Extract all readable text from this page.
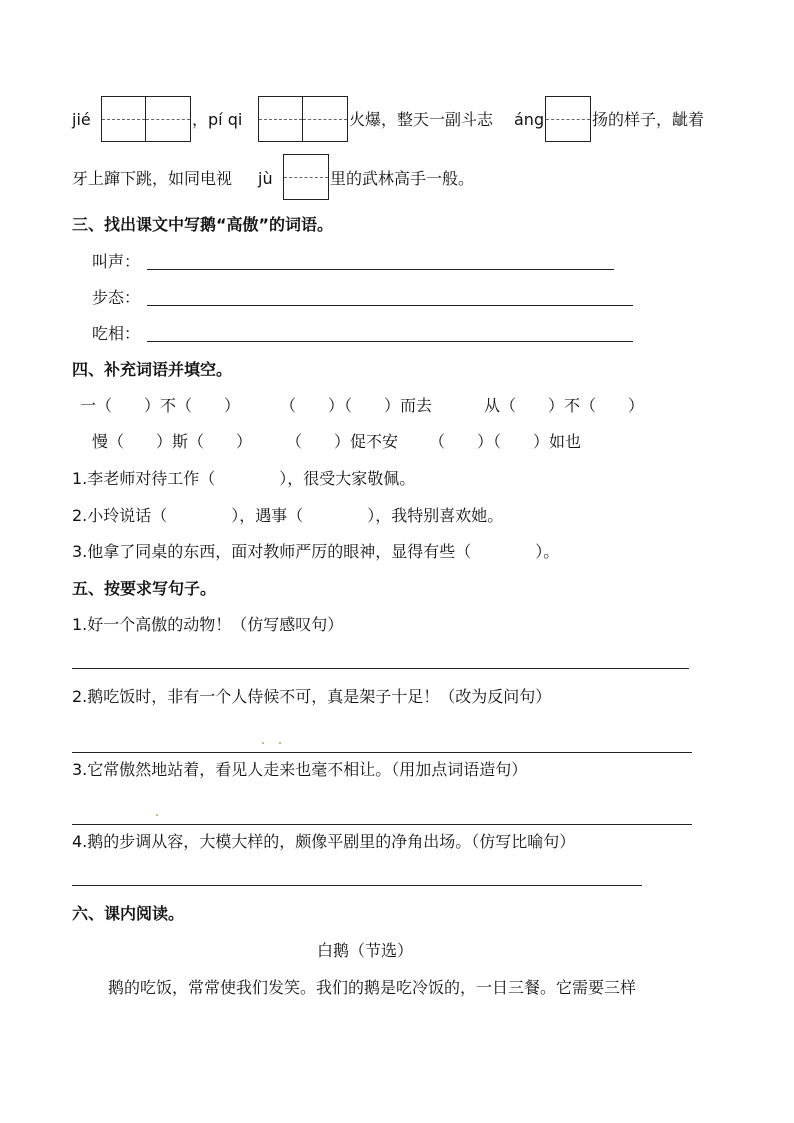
jié	，pí qi	火爆，整天一副斗志 áng	扬的样子，龇着
牙上蹿下跳，如同电视 jù	里的武林高手一般。
三、找出课文中写鹅“高傲”的词语。
叫声：
步态：
吃相：
四、补充词语并填空。
一（　　）不（　　） （　　）（　　）而去	从（　　）不（　　）
慢（　　）斯（　　） （　　）促不安 （　　）（　　）如也
1.李老师对待工作（　　　　），很受大家敬佩。
2.小玲说话（　　　　），遇事（　　　　），我特别喜欢她。
3.他拿了同桌的东西，面对教师严厉的眼神，显得有些（　　　　）。
五、按要求写句子。
1.好一个高傲的动物！（仿写感叹句）
2.鹅吃饭时，非有一个人侍候不可，真是架子十足！（改为反问句）
3.它常傲然地站着，看见人走来也毫不相让。（用加点词语造句）
4.鹅的步调从容，大模大样的，颇像平剧里的净角出场。（仿写比喻句）
六、课内阅读。
白鹅（节选）
鹅的吃饭，常常使我们发笑。我们的鹅是吃冷饭的，一日三餐。它需要三样
